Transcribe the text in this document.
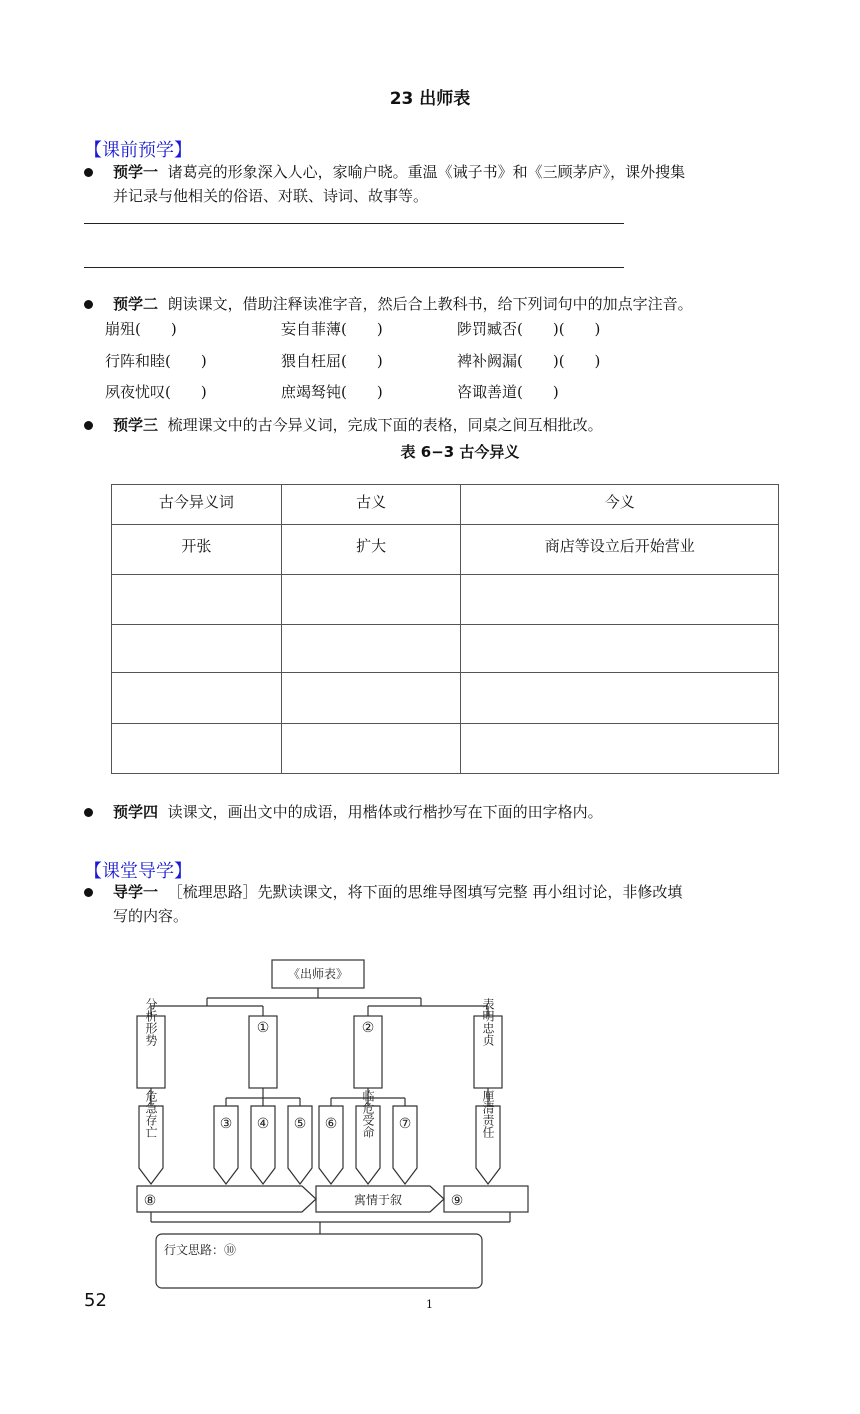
23 出师表
【课前预学】
预学一 诸葛亮的形象深入人心，家喻户晓。重温《诫子书》和《三顾茅庐》，课外搜集
并记录与他相关的俗语、对联、诗词、故事等。
预学二 朗读课文，借助注释读准字音，然后合上教科书，给下列词句中的加点字注音。
崩殂(　　)	妄自菲薄(　　)	陟罚臧否(　　)(　　)
行阵和睦(　　)	猥自枉屈(　　)	裨补阙漏(　　)(　　)
夙夜忧叹(　　)	庶竭驽钝(　　)	咨诹善道(　　)
预学三 梳理课文中的古今异义词，完成下面的表格，同桌之间互相批改。
表 6−3 古今异义
古今异义词	古义	今义
开张	扩大	商店等设立后开始营业

预学四 读课文，画出文中的成语，用楷体或行楷抄写在下面的田字格内。
【课堂导学】
导学一 ［梳理思路］先默读课文，将下面的思维导图填写完整 再小组讨论，非修改填
写的内容。
《出师表》
分析形势	表明忠贞
危急存亡	临危受命	厘清责任
①	②
③ ④ ⑤ ⑥	⑦
⑧	⑨
寓情于叙
行文思路：⑩
52	1
